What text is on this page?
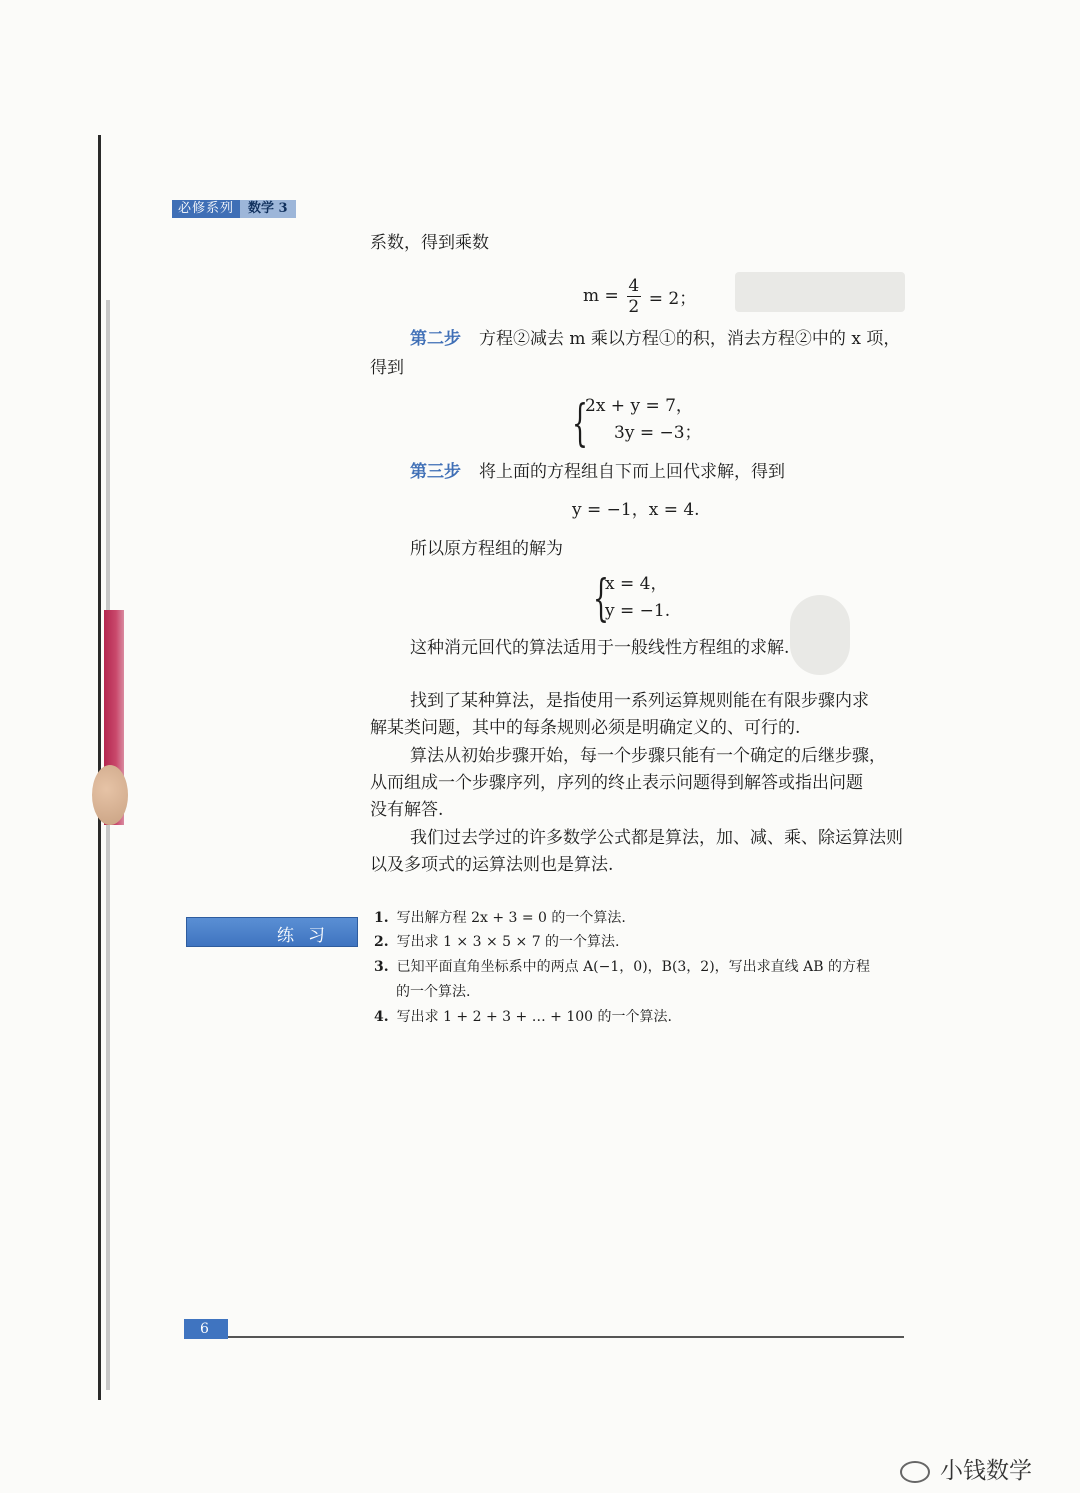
必修系列	数学 3
系数，得到乘数
$m = \frac{4}{2} = 2$；
第二步 方程②减去 m 乘以方程①的积，消去方程②中的 x 项，
得到
{
2x + y = 7，
3y = −3；
第三步 将上面的方程组自下而上回代求解，得到
y = −1，x = 4.
所以原方程组的解为
{
x = 4，
y = −1.
这种消元回代的算法适用于一般线性方程组的求解.
找到了某种算法，是指使用一系列运算规则能在有限步骤内求
解某类问题，其中的每条规则必须是明确定义的、可行的.
算法从初始步骤开始，每一个步骤只能有一个确定的后继步骤，
从而组成一个步骤序列，序列的终止表示问题得到解答或指出问题
没有解答.
我们过去学过的许多数学公式都是算法，加、减、乘、除运算法则
以及多项式的运算法则也是算法.
练习
1. 写出解方程 2x + 3 = 0 的一个算法.
2. 写出求 1 × 3 × 5 × 7 的一个算法.
3. 已知平面直角坐标系中的两点 A(−1，0)，B(3，2)，写出求直线 AB 的方程
的一个算法.
4. 写出求 1 + 2 + 3 + … + 100 的一个算法.
6
小钱数学
